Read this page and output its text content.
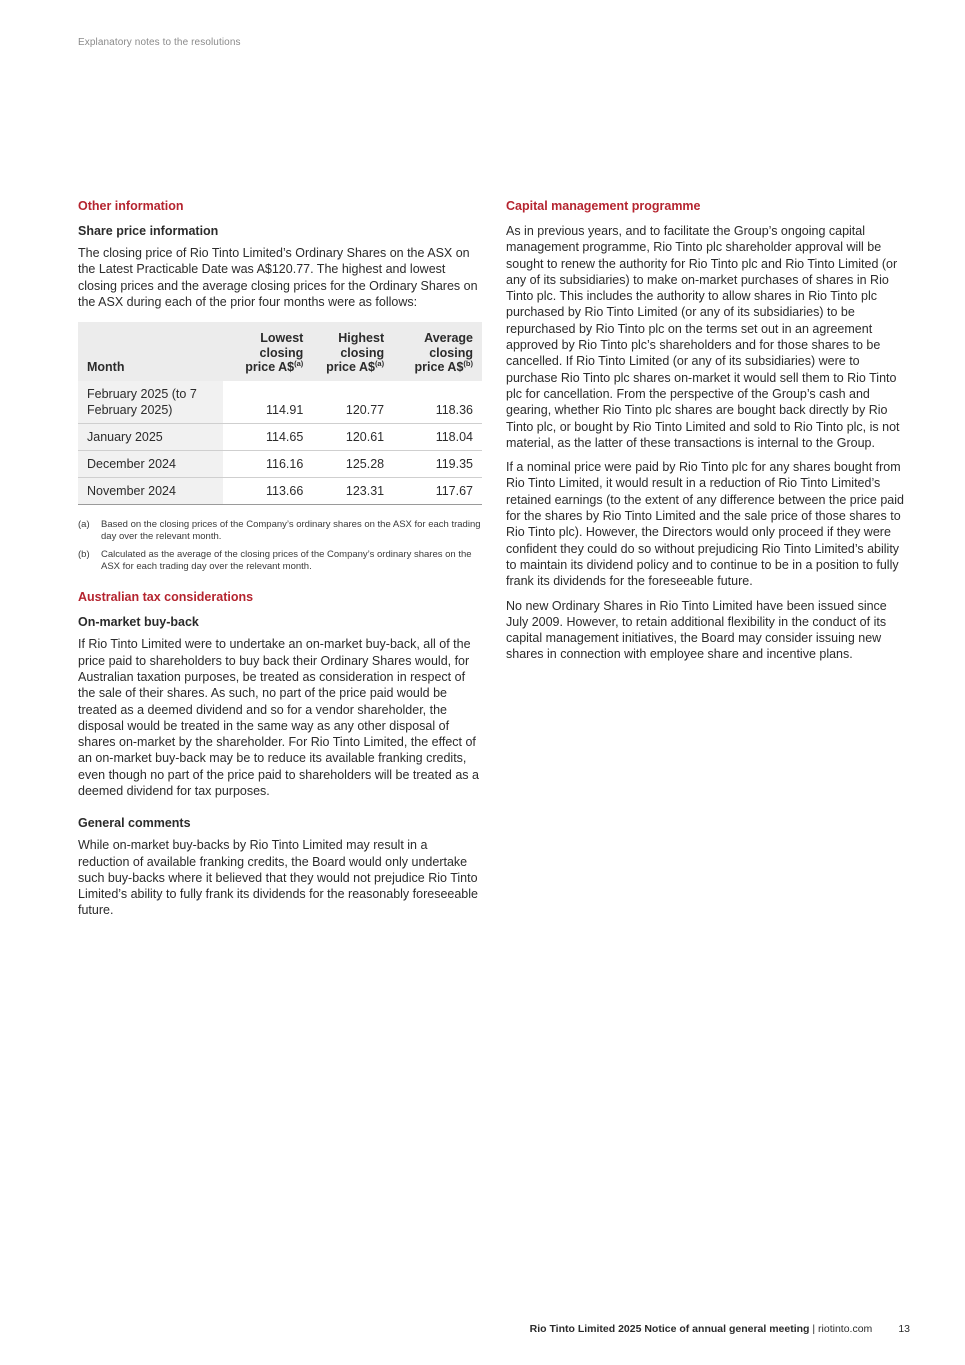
Explanatory notes to the resolutions
Other information
Share price information

The closing price of Rio Tinto Limited’s Ordinary Shares on the ASX on the Latest Practicable Date was A$120.77. The highest and lowest closing prices and the average closing prices for the Ordinary Shares on the ASX during each of the prior four months were as follows:

Month	Lowest closing price A\$$^{(a)}$	Highest closing price A\$$^{(a)}$	Average closing price A\$$^{(b)}$
February 2025 (to 7 February 2025)	114.91	120.77	118.36
January 2025	114.65	120.61	118.04
December 2024	116.16	125.28	119.35
November 2024	113.66	123.31	117.67
(a)	Based on the closing prices of the Company’s ordinary shares on the ASX for each trading day over the relevant month.
(b)	Calculated as the average of the closing prices of the Company’s ordinary shares on the ASX for each trading day over the relevant month.
Australian tax considerations
On-market buy-back

If Rio Tinto Limited were to undertake an on-market buy-back, all of the price paid to shareholders to buy back their Ordinary Shares would, for Australian taxation purposes, be treated as consideration in respect of the sale of their shares. As such, no part of the price paid would be treated as a deemed dividend and so for a vendor shareholder, the disposal would be treated in the same way as any other disposal of shares on-market by the shareholder. For Rio Tinto Limited, the effect of an on-market buy-back may be to reduce its available franking credits, even though no part of the price paid to shareholders will be treated as a deemed dividend for tax purposes.

General comments

While on-market buy-backs by Rio Tinto Limited may result in a reduction of available franking credits, the Board would only undertake such buy-backs where it believed that they would not prejudice Rio Tinto Limited’s ability to fully frank its dividends for the reasonably foreseeable future.

Capital management programme

As in previous years, and to facilitate the Group’s ongoing capital management programme, Rio Tinto plc shareholder approval will be sought to renew the authority for Rio Tinto plc and Rio Tinto Limited (or any of its subsidiaries) to make on-market purchases of shares in Rio Tinto plc. This includes the authority to allow shares in Rio Tinto plc purchased by Rio Tinto Limited (or any of its subsidiaries) to be repurchased by Rio Tinto plc on the terms set out in an agreement approved by Rio Tinto plc’s shareholders and for those shares to be cancelled. If Rio Tinto Limited (or any of its subsidiaries) were to purchase Rio Tinto plc shares on-market it would sell them to Rio Tinto plc for cancellation. From the perspective of the Group’s cash and gearing, whether Rio Tinto plc shares are bought back directly by Rio Tinto plc, or bought by Rio Tinto Limited and sold to Rio Tinto plc, is not material, as the latter of these transactions is internal to the Group.

If a nominal price were paid by Rio Tinto plc for any shares bought from Rio Tinto Limited, it would result in a reduction of Rio Tinto Limited’s retained earnings (to the extent of any difference between the price paid for the shares by Rio Tinto Limited and the sale price of those shares to Rio Tinto plc). However, the Directors would only proceed if they were confident they could do so without prejudicing Rio Tinto Limited’s ability to maintain its dividend policy and to continue to be in a position to fully frank its dividends for the foreseeable future.

No new Ordinary Shares in Rio Tinto Limited have been issued since July 2009. However, to retain additional flexibility in the conduct of its capital management initiatives, the Board may consider issuing new shares in connection with employee share and incentive plans.

Rio Tinto Limited 2025 Notice of annual general meeting | riotinto.com 13
